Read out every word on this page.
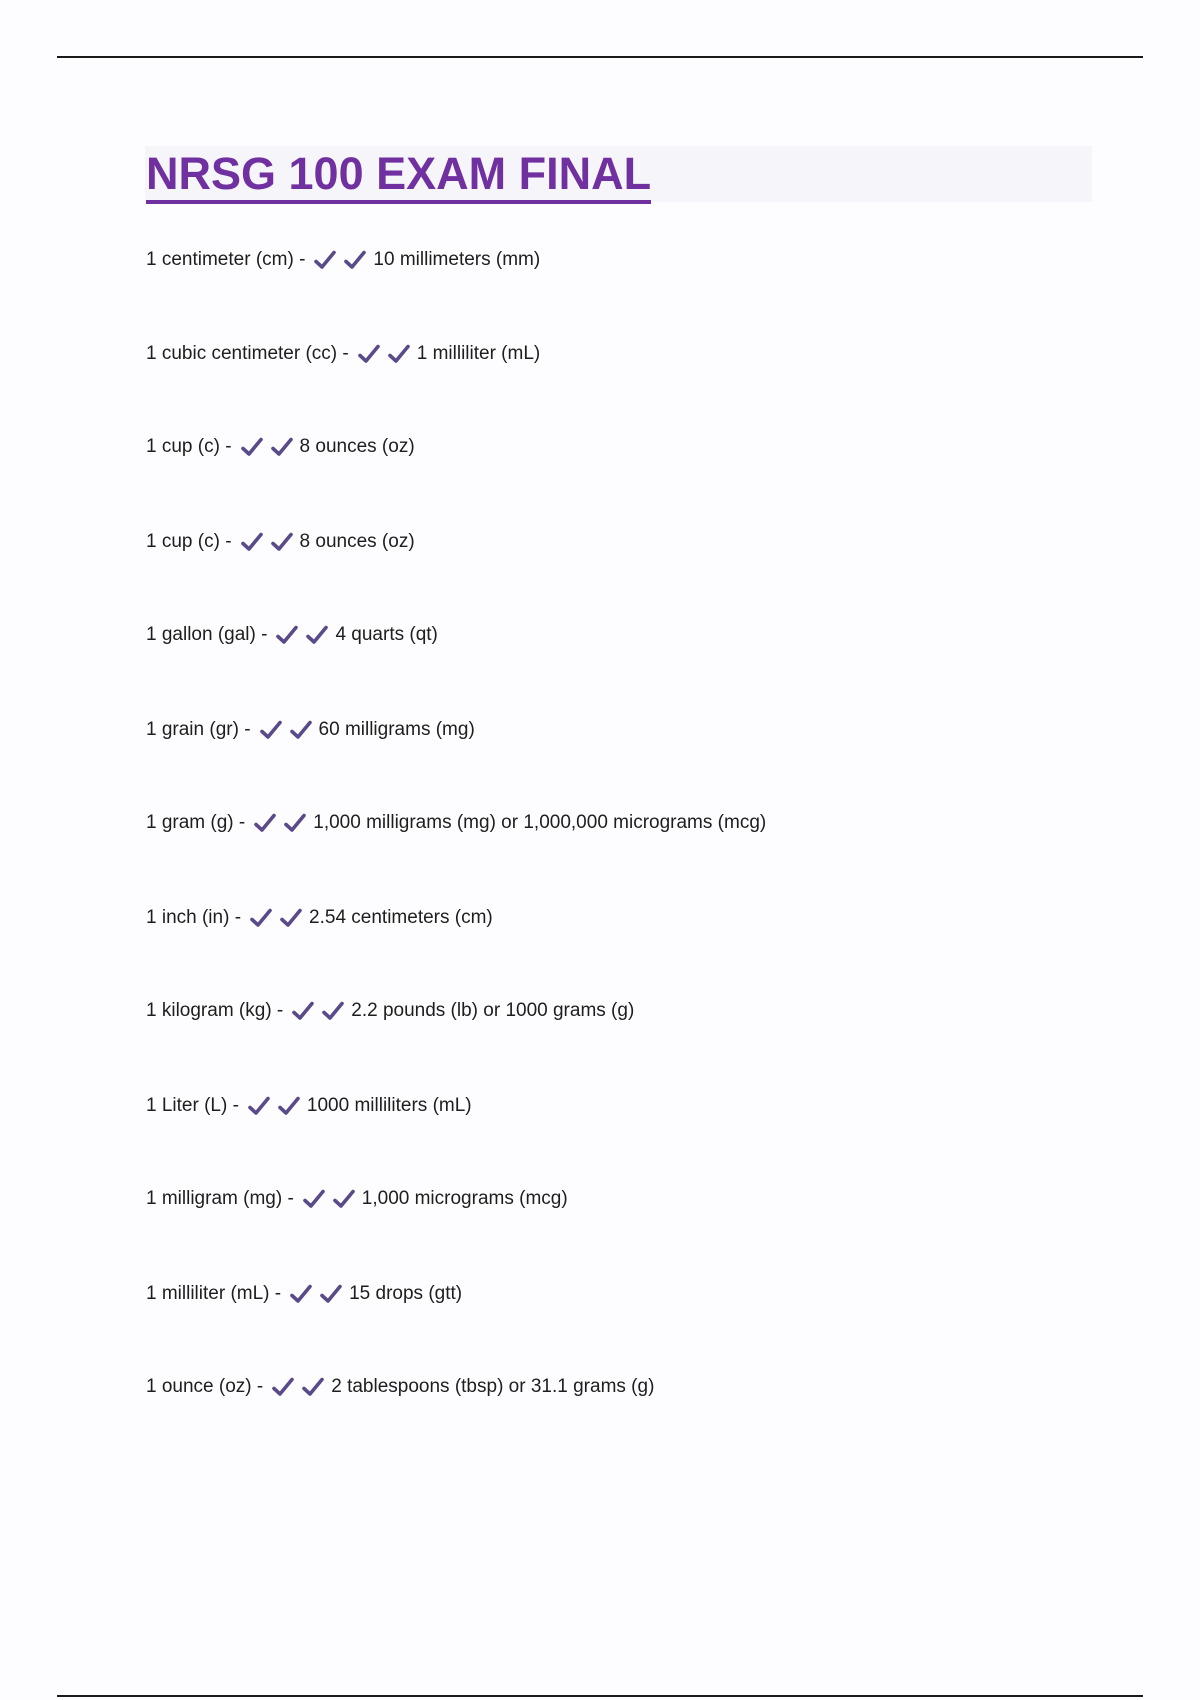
NRSG 100 EXAM FINAL
1 centimeter (cm) -	10 millimeters (mm)
1 cubic centimeter (cc) -	1 milliliter (mL)
1 cup (c) -	8 ounces (oz)
1 cup (c) -	8 ounces (oz)
1 gallon (gal) -	4 quarts (qt)
1 grain (gr) -	60 milligrams (mg)
1 gram (g) -	1,000 milligrams (mg) or 1,000,000 micrograms (mcg)
1 inch (in) -	2.54 centimeters (cm)
1 kilogram (kg) -	2.2 pounds (lb) or 1000 grams (g)
1 Liter (L) -	1000 milliliters (mL)
1 milligram (mg) -	1,000 micrograms (mcg)
1 milliliter (mL) -	15 drops (gtt)
1 ounce (oz) -	2 tablespoons (tbsp) or 31.1 grams (g)
